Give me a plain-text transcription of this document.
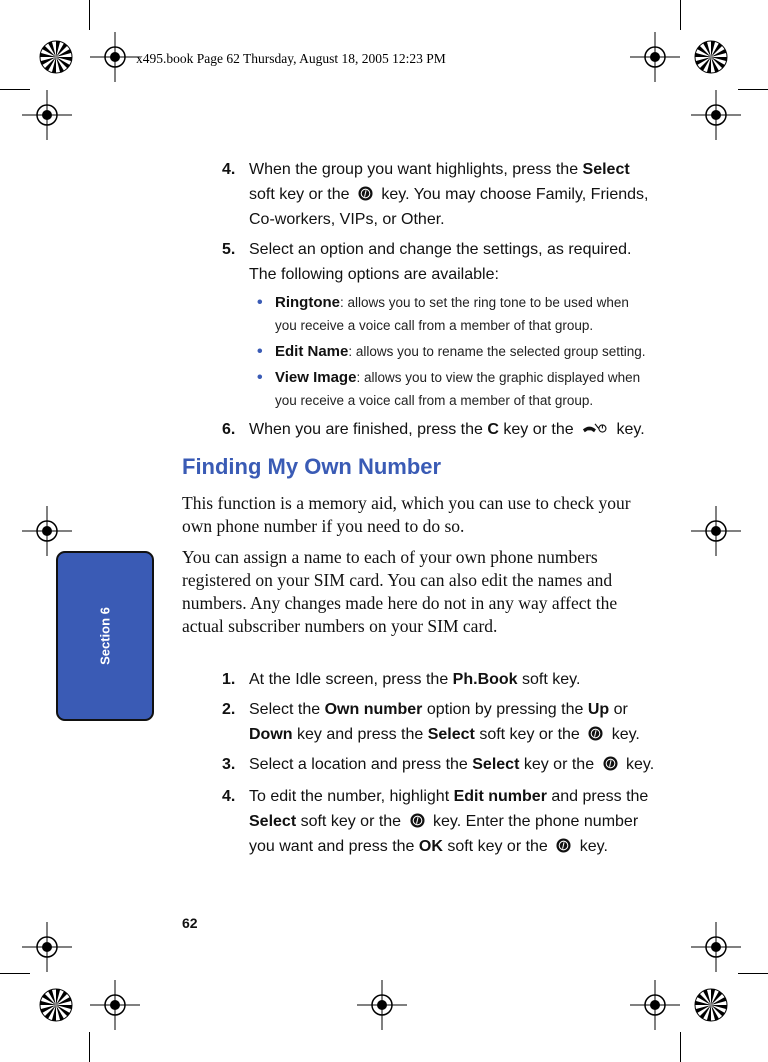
x495.book Page 62 Thursday, August 18, 2005 12:23 PM
Section 6
4. When the group you want highlights, press the Select
soft key or the  key. You may choose Family, Friends,
Co-workers, VIPs, or Other.
5. Select an option and change the settings, as required.
The following options are available:
• Ringtone: allows you to set the ring tone to be used when
you receive a voice call from a member of that group.
• Edit Name: allows you to rename the selected group setting.
• View Image: allows you to view the graphic displayed when
you receive a voice call from a member of that group.
6. When you are finished, press the C key or the  key.
1. At the Idle screen, press the Ph.Book soft key.
2. Select the Own number option by pressing the Up or
Down key and press the Select soft key or the  key.
3. Select a location and press the Select key or the  key.
4. To edit the number, highlight Edit number and press the
Select soft key or the  key. Enter the phone number
you want and press the OK soft key or the  key.
Finding My Own Number
This function is a memory aid, which you can use to check your own phone number if you need to do so.
You can assign a name to each of your own phone numbers registered on your SIM card. You can also edit the names and numbers. Any changes made here do not in any way affect the actual subscriber numbers on your SIM card.
62
